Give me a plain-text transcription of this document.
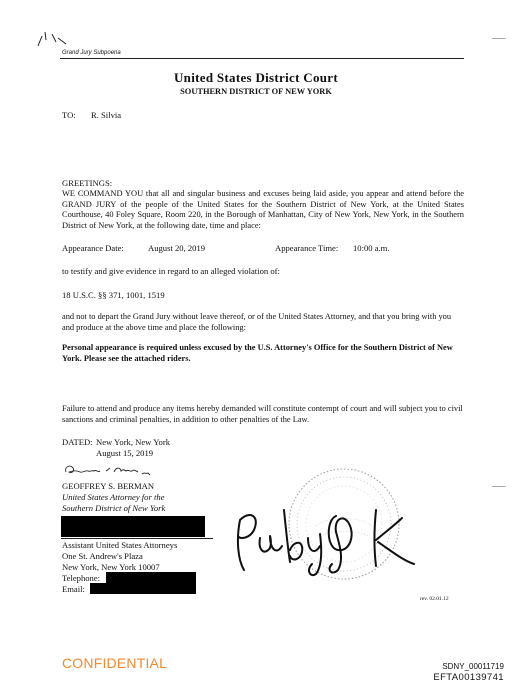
Grand Jury Subpoena
United States District Court
SOUTHERN DISTRICT OF NEW YORK
TO: R. Silvia
GREETINGS:
WE COMMAND YOU that all and singular business and excuses being laid aside, you appear and attend before the GRAND JURY of the people of the United States for the Southern District of New York, at the United States Courthouse, 40 Foley Square, Room 220, in the Borough of Manhattan, City of New York, New York, in the Southern District of New York, at the following date, time and place:
Appearance Date:	August 20, 2019	Appearance Time: 10:00 a.m.
to testify and give evidence in regard to an alleged violation of:
18 U.S.C. §§ 371, 1001, 1519
and not to depart the Grand Jury without leave thereof, or of the United States Attorney, and that you bring with you and produce at the above time and place the following:
Personal appearance is required unless excused by the U.S. Attorney's Office for the Southern District of New York. Please see the attached riders.
Failure to attend and produce any items hereby demanded will constitute contempt of court and will subject you to civil sanctions and criminal penalties, in addition to other penalties of the Law.
DATED: New York, New York
August 15, 2019
GEOFFREY S. BERMAN
United States Attorney for the
Southern District of New York
Assistant United States Attorneys
One St. Andrew's Plaza
New York, New York 10007
Telephone:
Email:
rev. 02.01.12
CONFIDENTIAL	SDNY_00011719
EFTA00139741
